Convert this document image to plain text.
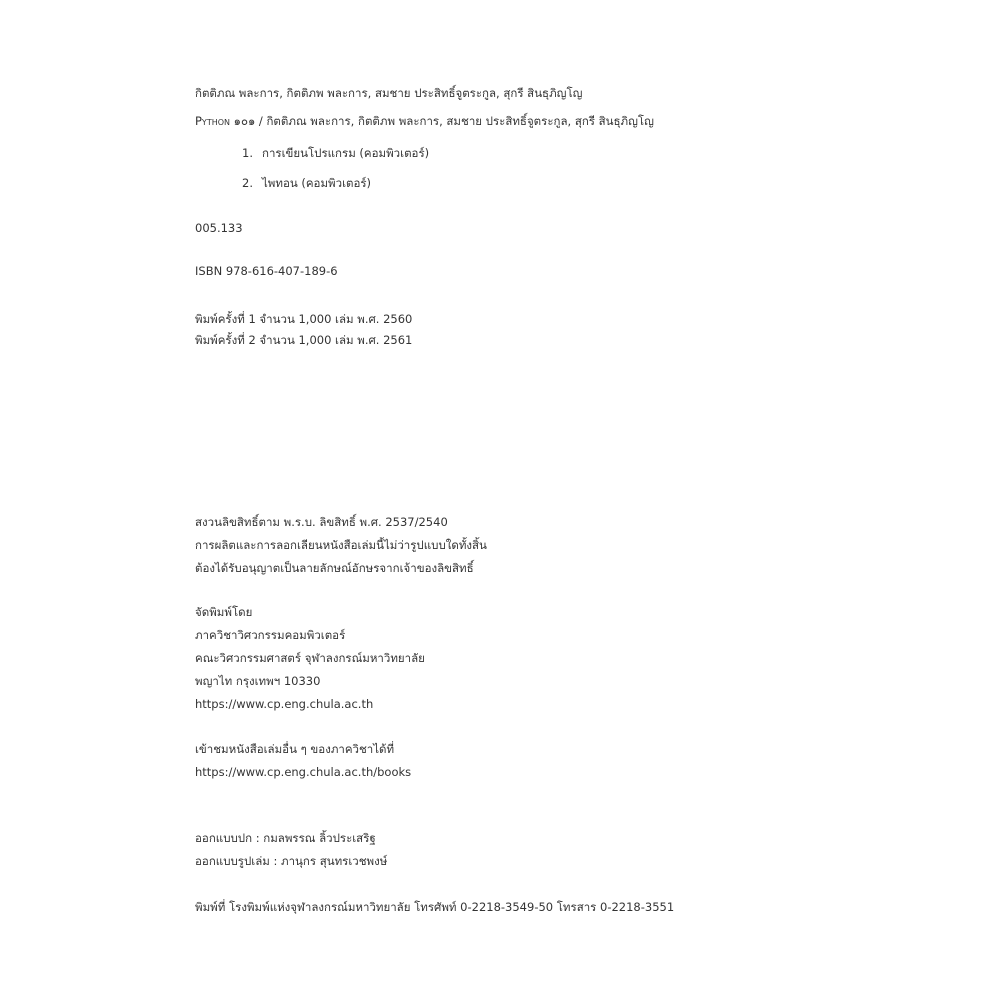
กิตติภณ พละการ, กิตติภพ พละการ, สมชาย ประสิทธิ์จูตระกูล, สุกรี สินธุภิญโญ
Python ๑๐๑ / กิตติภณ พละการ, กิตติภพ พละการ, สมชาย ประสิทธิ์จูตระกูล, สุกรี สินธุภิญโญ
1. การเขียนโปรแกรม (คอมพิวเตอร์)
2. ไพทอน (คอมพิวเตอร์)
005.133
ISBN 978-616-407-189-6
พิมพ์ครั้งที่ 1 จำนวน 1,000 เล่ม พ.ศ. 2560
พิมพ์ครั้งที่ 2 จำนวน 1,000 เล่ม พ.ศ. 2561
สงวนลิขสิทธิ์ตาม พ.ร.บ. ลิขสิทธิ์ พ.ศ. 2537/2540
การผลิตและการลอกเลียนหนังสือเล่มนี้ไม่ว่ารูปแบบใดทั้งสิ้น
ต้องได้รับอนุญาตเป็นลายลักษณ์อักษรจากเจ้าของลิขสิทธิ์
จัดพิมพ์โดย
ภาควิชาวิศวกรรมคอมพิวเตอร์
คณะวิศวกรรมศาสตร์ จุฬาลงกรณ์มหาวิทยาลัย
พญาไท กรุงเทพฯ 10330
https://www.cp.eng.chula.ac.th
เข้าชมหนังสือเล่มอื่น ๆ ของภาควิชาได้ที่
https://www.cp.eng.chula.ac.th/books
ออกแบบปก : กมลพรรณ ลิ้วประเสริฐ
ออกแบบรูปเล่ม : ภานุกร สุนทรเวชพงษ์
พิมพ์ที่ โรงพิมพ์แห่งจุฬาลงกรณ์มหาวิทยาลัย โทรศัพท์ 0-2218-3549-50 โทรสาร 0-2218-3551
